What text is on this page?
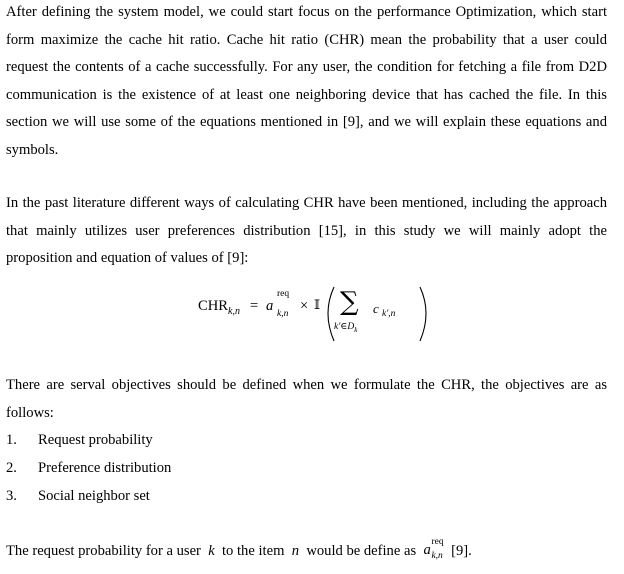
After defining the system model, we could start focus on the performance Optimization, which start form maximize the cache hit ratio. Cache hit ratio (CHR) mean the probability that a user could request the contents of a cache successfully. For any user, the condition for fetching a file from D2D communication is the existence of at least one neighboring device that has cached the file. In this section we will use some of the equations mentioned in [9], and we will explain these equations and symbols.

In the past literature different ways of calculating CHR have been mentioned, including the approach that mainly utilizes user preferences distribution [15], in this study we will mainly adopt the proposition and equation of values of [9]:

$CHR_{k,n} = a$
req
k,n × 𝕀 ∑
$k'\in D_k$
c k′,n

There are serval objectives should be defined when we formulate the CHR, the objectives are as follows:

1. Request probability
2. Preference distribution
3. Social neighbor set

The request probability for a user k to the item n would be define as a req
k,n [9].
